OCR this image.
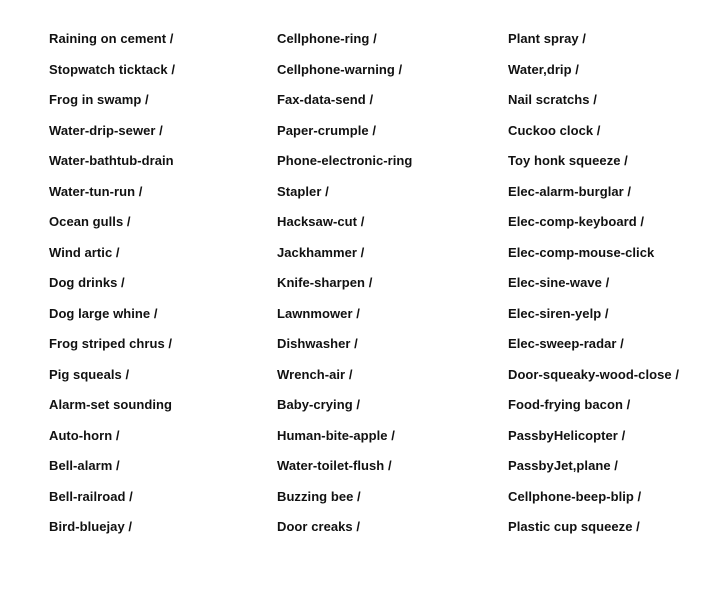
Raining on cement /
Stopwatch ticktack /
Frog in swamp /
Water-drip-sewer /
Water-bathtub-drain
Water-tun-run /
Ocean gulls /
Wind artic /
Dog drinks /
Dog large whine /
Frog striped chrus /
Pig squeals /
Alarm-set sounding
Auto-horn /
Bell-alarm /
Bell-railroad /
Bird-bluejay /
Cellphone-ring /
Cellphone-warning /
Fax-data-send /
Paper-crumple /
Phone-electronic-ring
Stapler /
Hacksaw-cut /
Jackhammer /
Knife-sharpen /
Lawnmower /
Dishwasher /
Wrench-air /
Baby-crying /
Human-bite-apple /
Water-toilet-flush /
Buzzing bee /
Door creaks /
Plant spray /
Water,drip /
Nail scratchs /
Cuckoo clock /
Toy honk squeeze /
Elec-alarm-burglar /
Elec-comp-keyboard /
Elec-comp-mouse-click
Elec-sine-wave /
Elec-siren-yelp /
Elec-sweep-radar /
Door-squeaky-wood-close /
Food-frying bacon /
PassbyHelicopter /
PassbyJet,plane /
Cellphone-beep-blip /
Plastic cup squeeze /
